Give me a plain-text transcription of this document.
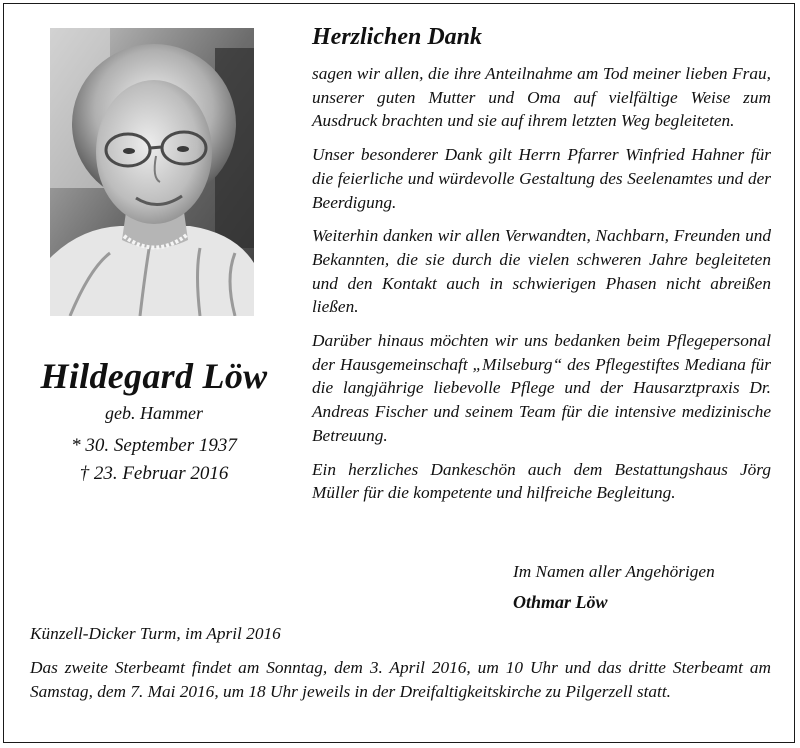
Hildegard Löw
geb. Hammer
* 30. September 1937
† 23. Februar 2016
Herzlichen Dank

sagen wir allen, die ihre Anteilnahme am Tod meiner lieben Frau, unserer guten Mutter und Oma auf vielfältige Weise zum Ausdruck brachten und sie auf ihrem letzten Weg begleiteten.

Unser besonderer Dank gilt Herrn Pfarrer Winfried Hahner für die feierliche und würdevolle Gestaltung des Seelenamtes und der Beerdigung.

Weiterhin danken wir allen Verwandten, Nachbarn, Freunden und Bekannten, die sie durch die vielen schweren Jahre begleiteten und den Kontakt auch in schwierigen Phasen nicht abreißen ließen.

Darüber hinaus möchten wir uns bedanken beim Pflegepersonal der Hausgemeinschaft „Milseburg“ des Pflegestiftes Mediana für die langjährige liebevolle Pflege und der Hausarztpraxis Dr. Andreas Fischer und seinem Team für die intensive medizinische Betreuung.

Ein herzliches Dankeschön auch dem Bestattungshaus Jörg Müller für die kompetente und hilfreiche Begleitung.

Im Namen aller Angehörigen
Othmar Löw
Künzell-Dicker Turm, im April 2016
Das zweite Sterbeamt findet am Sonntag, dem 3. April 2016, um 10 Uhr und das dritte Sterbeamt am Samstag, dem 7. Mai 2016, um 18 Uhr jeweils in der Dreifaltigkeitskirche zu Pilgerzell statt.
